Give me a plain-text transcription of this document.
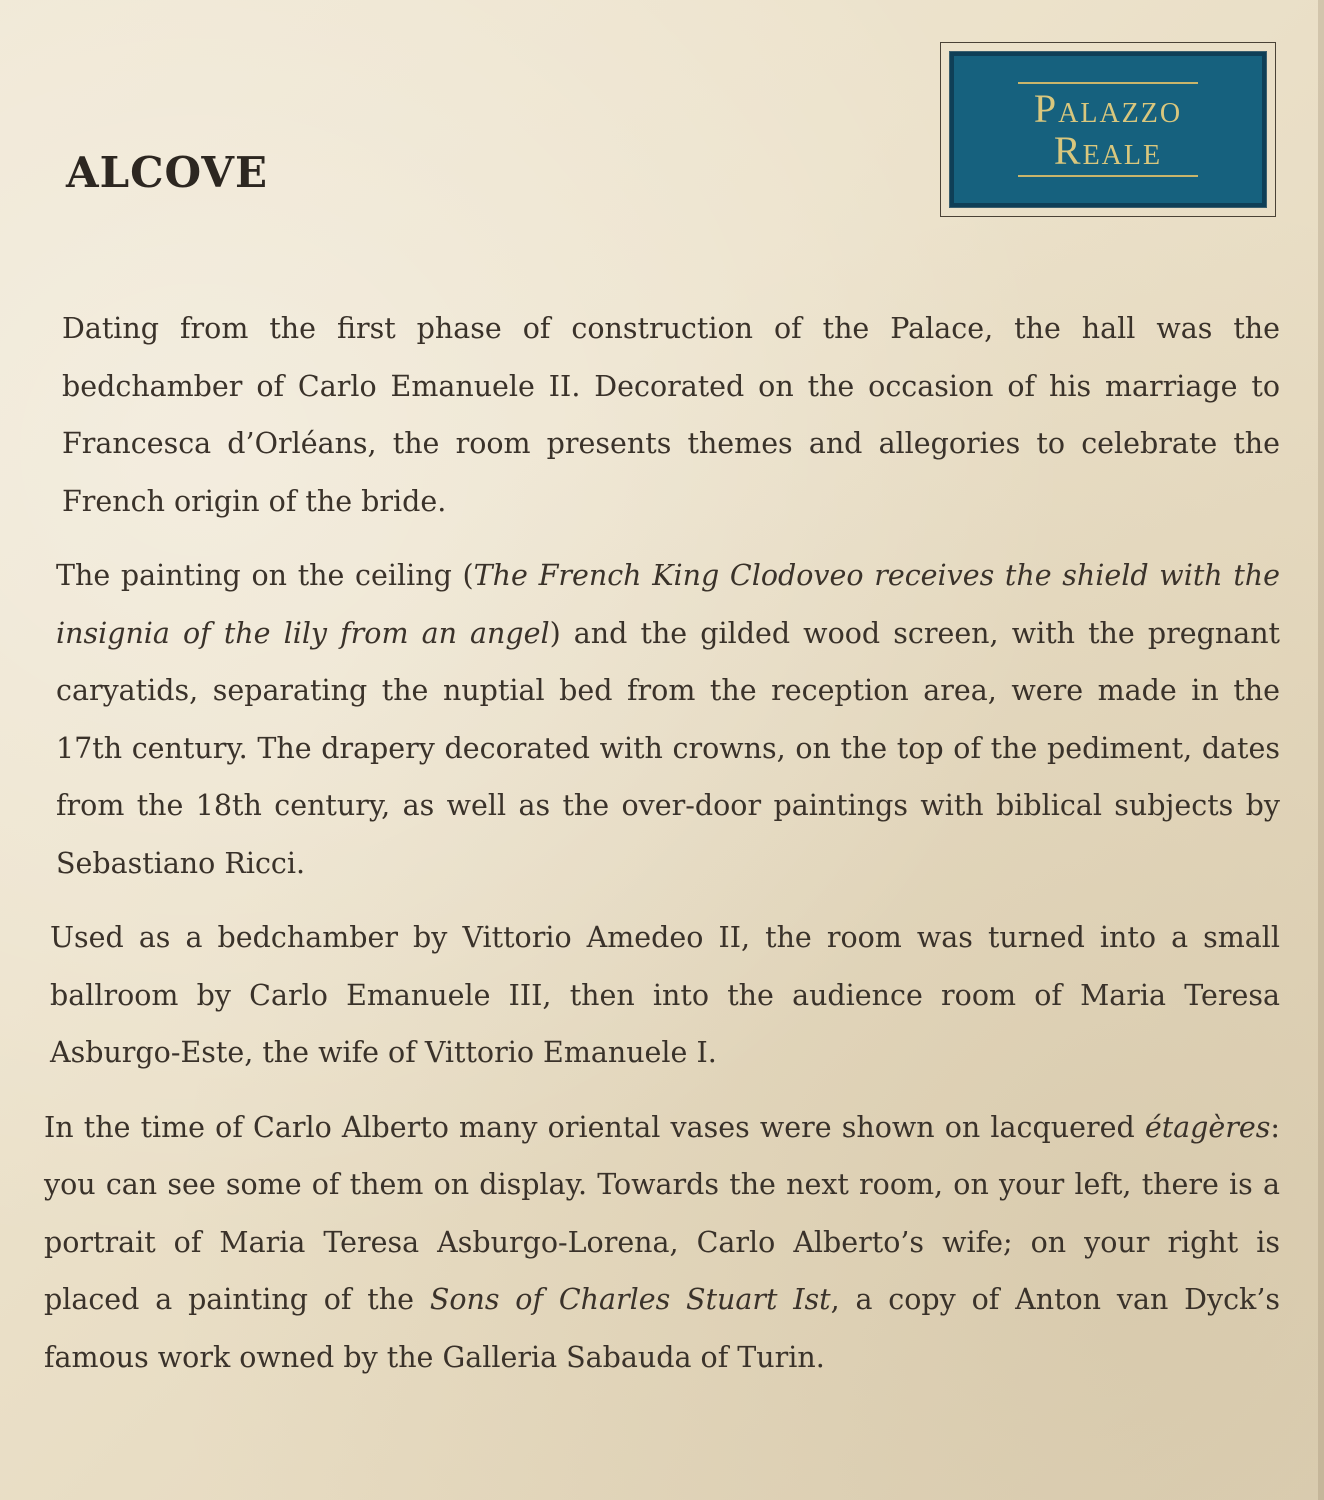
ALCOVE
Palazzo
Reale

Dating from the first phase of construction of the Palace, the hall was the bedchamber of Carlo Emanuele II. Decorated on the occasion of his marriage to Francesca d’Orléans, the room presents themes and allegories to celebrate the French origin of the bride.

The painting on the ceiling (The French King Clodoveo receives the shield with the insignia of the lily from an angel) and the gilded wood screen, with the pregnant caryatids, separating the nuptial bed from the reception area, were made in the 17th century. The drapery decorated with crowns, on the top of the pediment, dates from the 18th century, as well as the over-door paintings with biblical subjects by Sebastiano Ricci.

Used as a bedchamber by Vittorio Amedeo II, the room was turned into a small ballroom by Carlo Emanuele III, then into the audience room of Maria Teresa Asburgo-Este, the wife of Vittorio Emanuele I.

In the time of Carlo Alberto many oriental vases were shown on lacquered étagères: you can see some of them on display. Towards the next room, on your left, there is a portrait of Maria Teresa Asburgo-Lorena, Carlo Alberto’s wife; on your right is placed a painting of the Sons of Charles Stuart Ist, a copy of Anton van Dyck’s famous work owned by the Galleria Sabauda of Turin.
